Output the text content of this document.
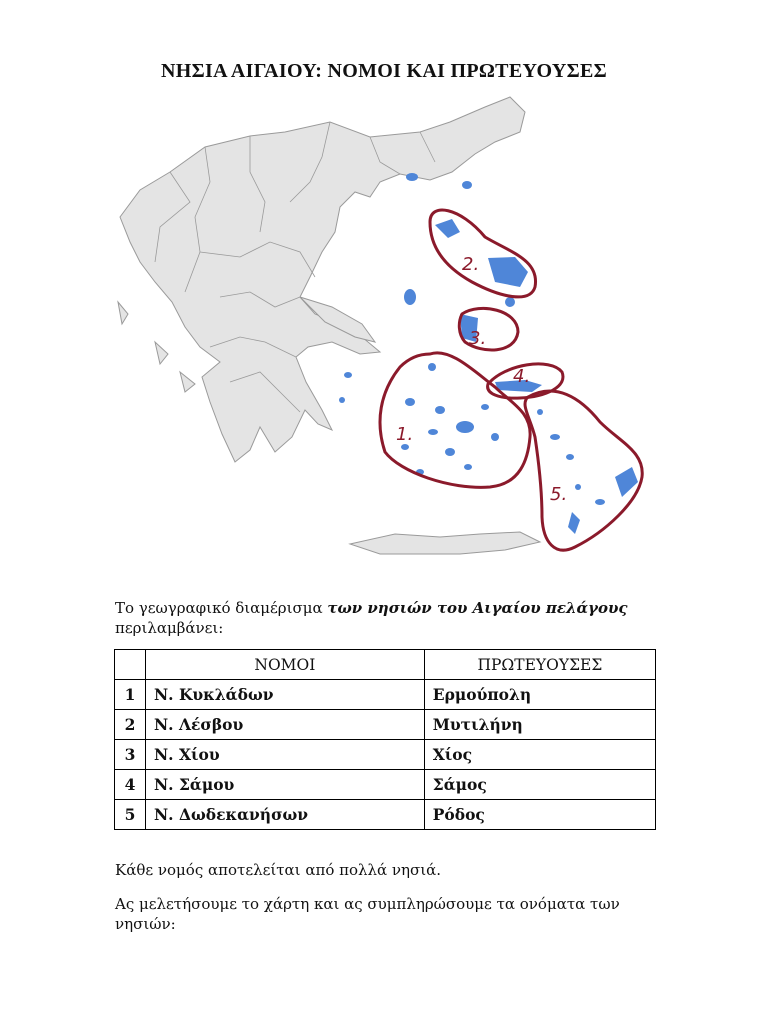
ΝΗΣΙΑ ΑΙΓΑΙΟΥ: ΝΟΜΟΙ ΚΑΙ ΠΡΩΤΕΥΟΥΣΕΣ
2.
3.
4.
1.
5.
Το γεωγραφικό διαμέρισμα των νησιών του Αιγαίου πελάγους
περιλαμβάνει:
	ΝΟΜΟΙ	ΠΡΩΤΕΥΟΥΣΕΣ
1	Ν. Κυκλάδων	Ερμούπολη
2	Ν. Λέσβου	Μυτιλήνη
3	Ν. Χίου	Χίος
4	Ν. Σάμου	Σάμος
5	Ν. Δωδεκανήσων	Ρόδος
Κάθε νομός αποτελείται από πολλά νησιά.
Ας μελετήσουμε το χάρτη και ας συμπληρώσουμε τα ονόματα των νησιών:
